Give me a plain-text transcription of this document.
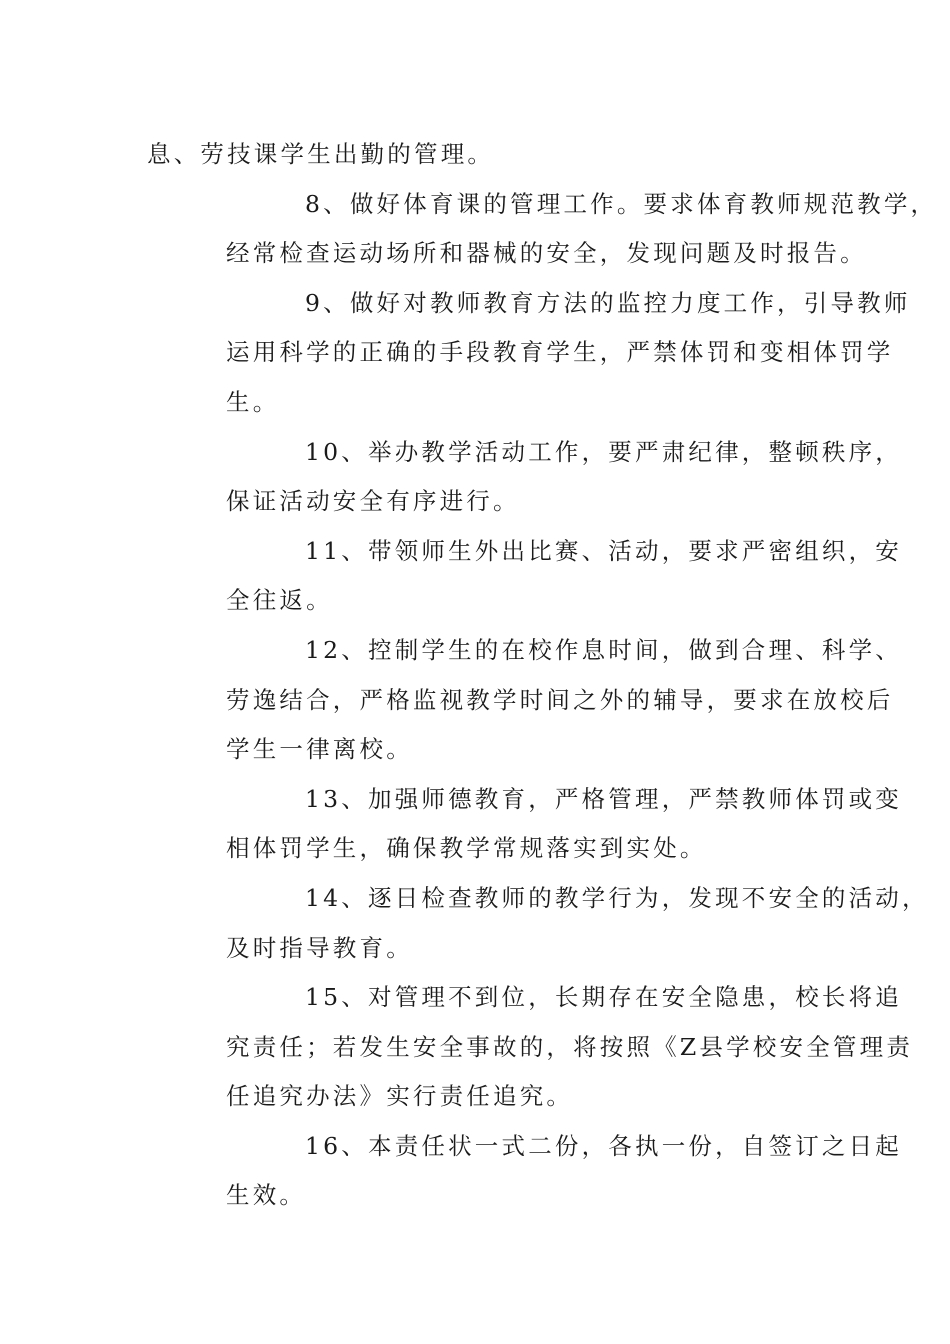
息、劳技课学生出勤的管理。

8、做好体育课的管理工作。要求体育教师规范教学，
经常检查运动场所和器械的安全，发现问题及时报告。

9、做好对教师教育方法的监控力度工作，引导教师
运用科学的正确的手段教育学生，严禁体罚和变相体罚学
生。

10、举办教学活动工作，要严肃纪律，整顿秩序，
保证活动安全有序进行。

11、带领师生外出比赛、活动，要求严密组织，安
全往返。

12、控制学生的在校作息时间，做到合理、科学、
劳逸结合，严格监视教学时间之外的辅导，要求在放校后
学生一律离校。

13、加强师德教育，严格管理，严禁教师体罚或变
相体罚学生，确保教学常规落实到实处。

14、逐日检查教师的教学行为，发现不安全的活动，
及时指导教育。

15、对管理不到位，长期存在安全隐患，校长将追
究责任；若发生安全事故的，将按照《Z县学校安全管理责
任追究办法》实行责任追究。

16、本责任状一式二份，各执一份，自签订之日起
生效。
